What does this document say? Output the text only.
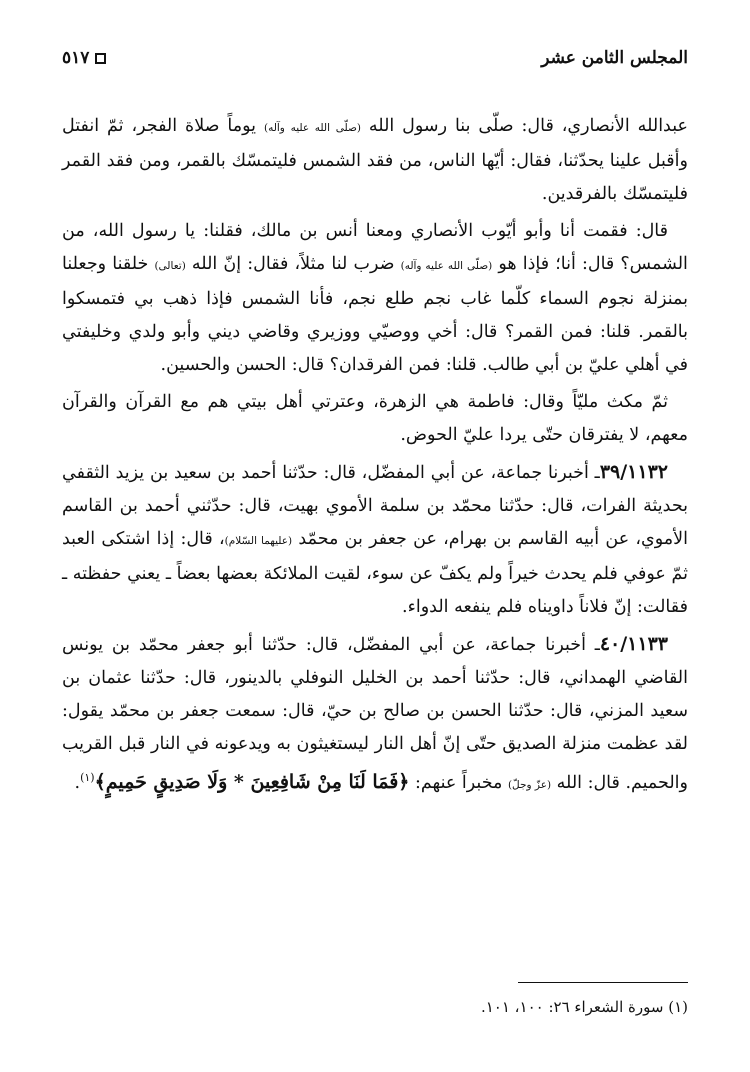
المجلس الثامن عشر
٥١٧

عبدالله الأنصاري، قال: صلّى بنا رسول الله (صلّى الله عليه وآله) يوماً صلاة الفجر، ثمّ انفتل وأقبل علينا يحدّثنا، فقال: أيّها الناس، من فقد الشمس فليتمسّك بالقمر، ومن فقد القمر فليتمسّك بالفرقدين.

قال: فقمت أنا وأبو أيّوب الأنصاري ومعنا أنس بن مالك، فقلنا: يا رسول الله، من الشمس؟ قال: أنا؛ فإذا هو (صلّى الله عليه وآله) ضرب لنا مثلاً، فقال: إنّ الله (تعالى) خلقنا وجعلنا بمنزلة نجوم السماء كلّما غاب نجم طلع نجم، فأنا الشمس فإذا ذهب بي فتمسكوا بالقمر. قلنا: فمن القمر؟ قال: أخي ووصيّي ووزيري وقاضي ديني وأبو ولدي وخليفتي في أهلي عليّ بن أبي طالب. قلنا: فمن الفرقدان؟ قال: الحسن والحسين.

ثمّ مكث مليّاً وقال: فاطمة هي الزهرة، وعترتي أهل بيتي هم مع القرآن والقرآن معهم، لا يفترقان حتّى يردا عليّ الحوض.

٣٩/١١٣٢ـ أخبرنا جماعة، عن أبي المفضّل، قال: حدّثنا أحمد بن سعيد بن يزيد الثقفي بحديثة الفرات، قال: حدّثنا محمّد بن سلمة الأموي بهيت، قال: حدّثني أحمد بن القاسم الأموي، عن أبيه القاسم بن بهرام، عن جعفر بن محمّد (عليهما السّلام)، قال: إذا اشتكى العبد ثمّ عوفي فلم يحدث خيراً ولم يكفّ عن سوء، لقيت الملائكة بعضها بعضاً ـ يعني حفظته ـ فقالت: إنّ فلاناً داويناه فلم ينفعه الدواء.

٤٠/١١٣٣ـ أخبرنا جماعة، عن أبي المفضّل، قال: حدّثنا أبو جعفر محمّد بن يونس القاضي الهمداني، قال: حدّثنا أحمد بن الخليل النوفلي بالدينور، قال: حدّثنا عثمان بن سعيد المزني، قال: حدّثنا الحسن بن صالح بن حيّ، قال: سمعت جعفر بن محمّد يقول: لقد عظمت منزلة الصديق حتّى إنّ أهل النار ليستغيثون به ويدعونه في النار قبل القريب والحميم. قال: الله (عزّ وجلّ) مخبراً عنهم: ﴿فَمَا لَنَا مِنْ شَافِعِينَ * وَلَا صَدِيقٍ حَمِيمٍ﴾$^{(١)}$.

(١) سورة الشعراء ٢٦: ١٠٠، ١٠١.
